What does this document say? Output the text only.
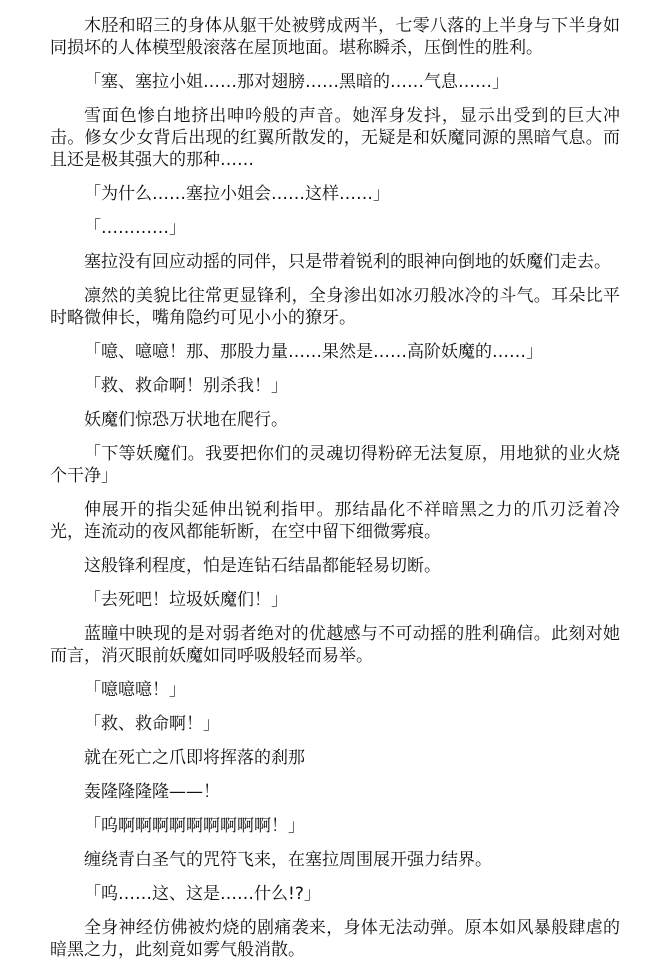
木胫和昭三的身体从躯干处被劈成两半，七零八落的上半身与下半身如同损坏的人体模型般滚落在屋顶地面。堪称瞬杀，压倒性的胜利。

「塞、塞拉小姐……那对翅膀……黑暗的……气息……」

雪面色惨白地挤出呻吟般的声音。她浑身发抖，显示出受到的巨大冲击。修女少女背后出现的红翼所散发的，无疑是和妖魔同源的黑暗气息。而且还是极其强大的那种……

「为什么……塞拉小姐会……这样……」

「…………」

塞拉没有回应动摇的同伴，只是带着锐利的眼神向倒地的妖魔们走去。

凛然的美貌比往常更显锋利，全身渗出如冰刃般冰冷的斗气。耳朵比平时略微伸长，嘴角隐约可见小小的獠牙。

「噫、噫噫！那、那股力量……果然是……高阶妖魔的……」

「救、救命啊！别杀我！」

妖魔们惊恐万状地在爬行。

「下等妖魔们。我要把你们的灵魂切得粉碎无法复原，用地狱的业火烧个干净」

伸展开的指尖延伸出锐利指甲。那结晶化不祥暗黑之力的爪刃泛着冷光，连流动的夜风都能斩断，在空中留下细微雾痕。

这般锋利程度，怕是连钻石结晶都能轻易切断。

「去死吧！垃圾妖魔们！」

蓝瞳中映现的是对弱者绝对的优越感与不可动摇的胜利确信。此刻对她而言，消灭眼前妖魔如同呼吸般轻而易举。

「噫噫噫！」

「救、救命啊！」

就在死亡之爪即将挥落的刹那

轰隆隆隆隆——！

「呜啊啊啊啊啊啊啊啊啊！」

缠绕青白圣气的咒符飞来，在塞拉周围展开强力结界。

「呜……这、这是……什么!?」

全身神经仿佛被灼烧的剧痛袭来，身体无法动弹。原本如风暴般肆虐的暗黑之力，此刻竟如雾气般消散。
